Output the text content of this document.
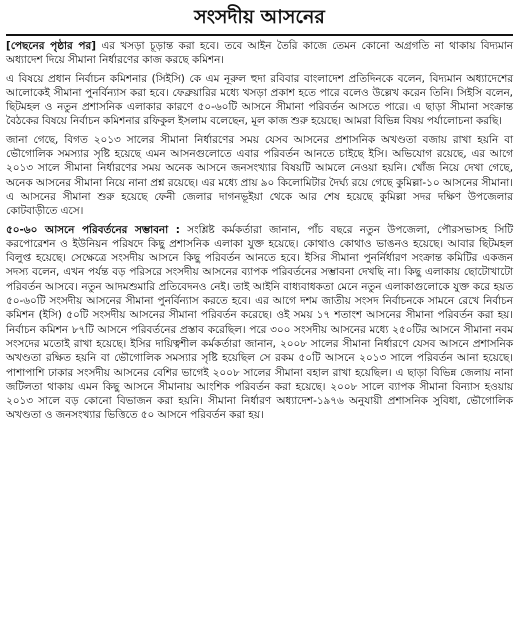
সংসদীয় আসনের

[পেছনের পৃষ্ঠার পর] এর খসড়া চূড়ান্ত করা হবে। তবে আইন তৈরি কাজে তেমন কোনো অগ্রগতি না থাকায় বিদ্যমান অধ্যাদেশ দিয়ে সীমানা নির্ধারণের কাজ করছে কমিশন।

এ বিষয়ে প্রধান নির্বাচন কমিশনার (সিইসি) কে এম নূরুল হুদা রবিবার বাংলাদেশ প্রতিদিনকে বলেন, বিদ্যমান অধ্যাদেশের আলোকেই সীমানা পুনর্বিন্যাস করা হবে। ফেব্রুয়ারির মধ্যে খসড়া প্রকাশ হতে পারে বলেও উল্লেখ করেন তিনি। সিইসি বলেন, ছিটমহল ও নতুন প্রশাসনিক এলাকার কারণে ৫০-৬০টি আসনে সীমানা পরিবর্তন আসতে পারে। এ ছাড়া সীমানা সংক্রান্ত বৈঠকের বিষয়ে নির্বাচন কমিশনার রফিকুল ইসলাম বলেছেন, মূল কাজ শুরু হয়েছে। আমরা বিভিন্ন বিষয় পর্যালোচনা করছি।

জানা গেছে, বিগত ২০১৩ সালের সীমানা নির্ধারণের সময় যেসব আসনের প্রশাসনিক অখণ্ডতা বজায় রাখা হয়নি বা ভৌগোলিক সমস্যার সৃষ্টি হয়েছে এমন আসনগুলোতে এবার পরিবর্তন আনতে চাইছে ইসি। অভিযোগ রয়েছে, এর আগে ২০১৩ সালে সীমানা নির্ধারণের সময় অনেক আসনে জনসংখ্যার বিষয়টি আমলে নেওয়া হয়নি। খোঁজ নিয়ে দেখা গেছে, অনেক আসনের সীমানা নিয়ে নানা প্রশ্ন রয়েছে। এর মধ্যে প্রায় ৯০ কিলোমিটার দৈর্ঘ্য রয়ে গেছে কুমিল্লা-১০ আসনের সীমানা। এ আসনের সীমানা শুরু হয়েছে ফেনী জেলার দাগনভূইয়া থেকে আর শেষ হয়েছে কুমিল্লা সদর দক্ষিণ উপজেলার কোটবাড়ীতে এসে।

৫০-৬০ আসনে পরিবর্তনের সম্ভাবনা : সংশ্লিষ্ট কর্মকর্তারা জানান, পাঁচ বছরে নতুন উপজেলা, পৌরসভাসহ সিটি করপোরেশন ও ইউনিয়ন পরিষদে কিছু প্রশাসনিক এলাকা যুক্ত হয়েছে। কোথাও কোথাও ভাঙনও হয়েছে। আবার ছিটমহল বিলুপ্ত হয়েছে। সেক্ষেত্রে সংসদীয় আসনে কিছু পরিবর্তন আনতে হবে। ইসির সীমানা পুনর্নির্ধারণ সংক্রান্ত কমিটির একজন সদস্য বলেন, এখন পর্যন্ত বড় পরিসরে সংসদীয় আসনের ব্যাপক পরিবর্তনের সম্ভাবনা দেখছি না। কিছু এলাকায় ছোটোখাটো পরিবর্তন আসবে। নতুন আদমশুমারি প্রতিবেদনও নেই। তাই আইনি বাধ্যবাধকতা মেনে নতুন এলাকাগুলোকে যুক্ত করে হয়ত ৫০-৬০টি সংসদীয় আসনের সীমানা পুনর্বিন্যাস করতে হবে। এর আগে দশম জাতীয় সংসদ নির্বাচনকে সামনে রেখে নির্বাচন কমিশন (ইসি) ৫০টি সংসদীয় আসনের সীমানা পরিবর্তন করেছে। ওই সময় ১৭ শতাংশ আসনের সীমানা পরিবর্তন করা হয়। নির্বাচন কমিশন ৮৭টি আসনে পরিবর্তনের প্রস্তাব করেছিল। পরে ৩০০ সংসদীয় আসনের মধ্যে ২৫০টির আসনে সীমানা নবম সংসদের মতোই রাখা হয়েছে। ইসির দায়িত্বশীল কর্মকর্তারা জানান, ২০০৮ সালের সীমানা নির্ধারণে যেসব আসনে প্রশাসনিক অখণ্ডতা রক্ষিত হয়নি বা ভৌগোলিক সমস্যার সৃষ্টি হয়েছিল সে রকম ৫০টি আসনে ২০১৩ সালে পরিবর্তন আনা হয়েছে। পাশাপাশি ঢাকার সংসদীয় আসনের বেশির ভাগেই ২০০৮ সালের সীমানা বহাল রাখা হয়েছিল। এ ছাড়া বিভিন্ন জেলায় নানা জটিলতা থাকায় এমন কিছু আসনে সীমানায় আংশিক পরিবর্তন করা হয়েছে। ২০০৮ সালে ব্যাপক সীমানা বিন্যাস হওয়ায় ২০১৩ সালে বড় কোনো বিভাজন করা হয়নি। সীমানা নির্ধারণ অধ্যাদেশ-১৯৭৬ অনুযায়ী প্রশাসনিক সুবিধা, ভৌগোলিক অখণ্ডতা ও জনসংখ্যার ভিত্তিতে ৫০ আসনে পরিবর্তন করা হয়।
